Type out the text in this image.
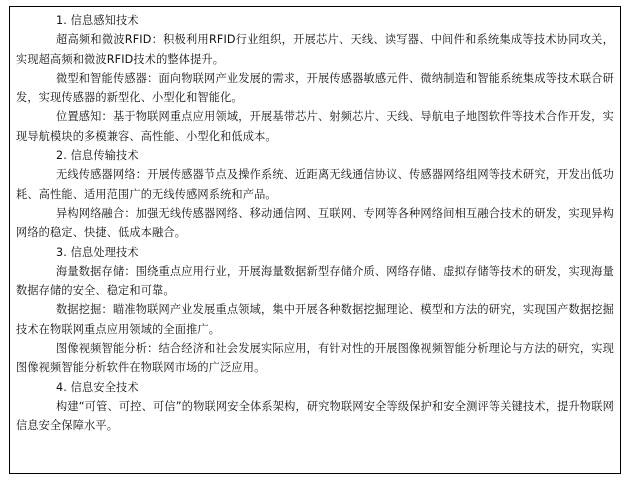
1. 信息感知技术
超高频和微波RFID：积极利用RFID行业组织，开展芯片、天线、读写器、中间件和系统集成等技术协同攻关，实现超高频和微波RFID技术的整体提升。
微型和智能传感器：面向物联网产业发展的需求，开展传感器敏感元件、微纳制造和智能系统集成等技术联合研发，实现传感器的新型化、小型化和智能化。
位置感知：基于物联网重点应用领域，开展基带芯片、射频芯片、天线、导航电子地图软件等技术合作开发，实现导航模块的多模兼容、高性能、小型化和低成本。
2. 信息传输技术
无线传感器网络：开展传感器节点及操作系统、近距离无线通信协议、传感器网络组网等技术研究，开发出低功耗、高性能、适用范围广的无线传感网系统和产品。
异构网络融合：加强无线传感器网络、移动通信网、互联网、专网等各种网络间相互融合技术的研发，实现异构网络的稳定、快捷、低成本融合。
3. 信息处理技术
海量数据存储：围绕重点应用行业，开展海量数据新型存储介质、网络存储、虚拟存储等技术的研发，实现海量数据存储的安全、稳定和可靠。
数据挖掘：瞄准物联网产业发展重点领域，集中开展各种数据挖掘理论、模型和方法的研究，实现国产数据挖掘技术在物联网重点应用领域的全面推广。
图像视频智能分析：结合经济和社会发展实际应用，有针对性的开展图像视频智能分析理论与方法的研究，实现图像视频智能分析软件在物联网市场的广泛应用。
4. 信息安全技术
构建“可管、可控、可信”的物联网安全体系架构，研究物联网安全等级保护和安全测评等关键技术，提升物联网信息安全保障水平。
